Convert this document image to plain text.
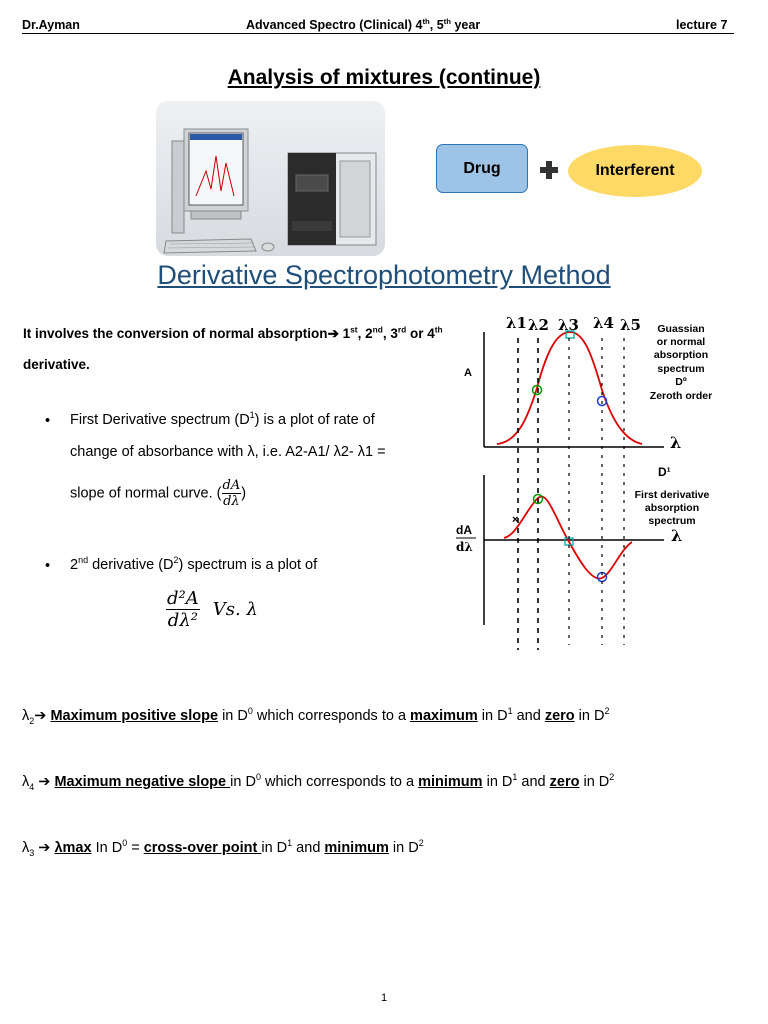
Dr.Ayman	Advanced Spectro (Clinical) 4th, 5th year	lecture 7
Analysis of mixtures (continue)
Drug	Interferent
Derivative Spectrophotometry Method
It involves the conversion of normal absorption➔ 1st, 2nd, 3rd or 4th derivative.
• First Derivative spectrum $(D^1)$ is a plot of rate of
change of absorbance with λ, i.e. A2-A1/ λ2- λ1 =
slope of normal curve. ( $\frac{dA}{d\lambda}$ )
• 2nd derivative $(D^2)$ spectrum is a plot of
$\frac{\text{d²A}}{\text{dλ²}} Vs$. λ
λ1 λ2 λ3 λ4 λ5
A
λ
Guassian
or normal
absorption
spectrum
Dº
Zeroth order
D¹
First derivative
absorption
spectrum
λ
dA
dλ
×
$\lambda_2➔$ Maximum positive slope in $D^0$ which corresponds to a maximum in $D^1$ and zero in $D^2$
$\lambda_4$ ➔ Maximum negative slope in $D^0$ which corresponds to a minimum in $D^1$ and zero in $D^2$
$\lambda_3$ ➔ λmax In $D^0$ = cross-over point in $D^1$ and minimum in $D^2$
1
